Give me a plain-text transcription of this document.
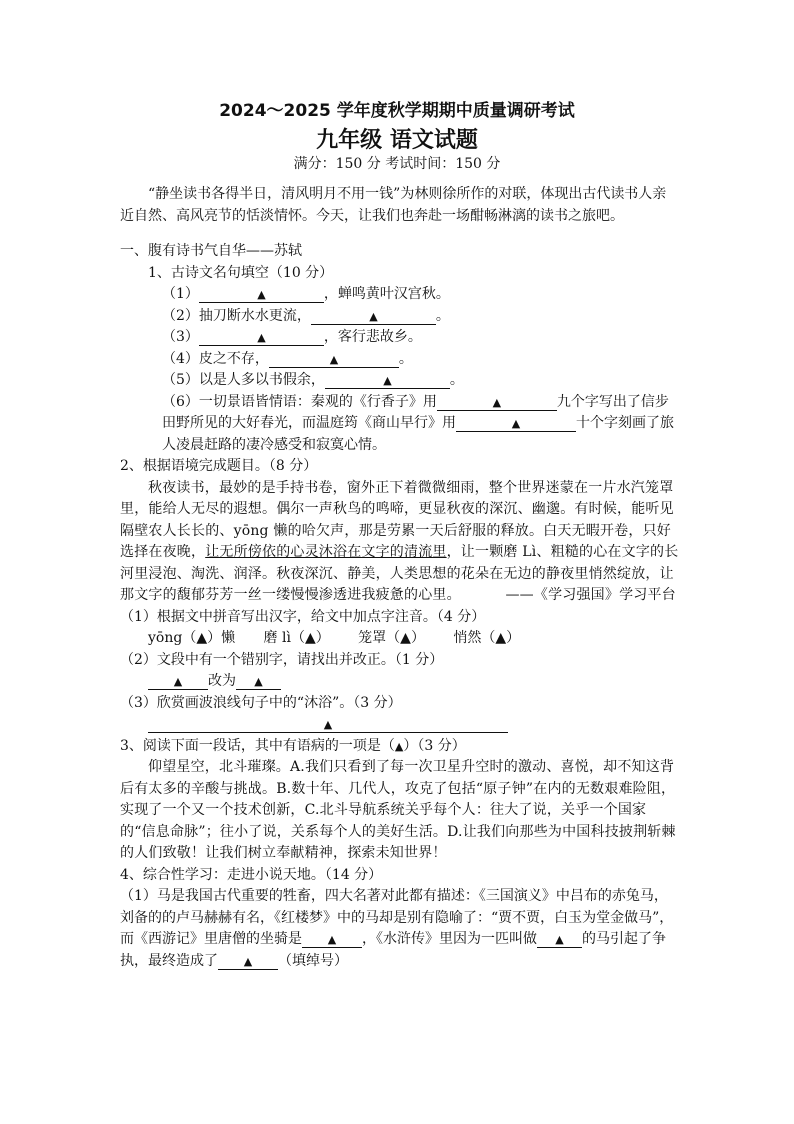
2024～2025 学年度秋学期期中质量调研考试
九年级 语文试题
满分：150 分 考试时间：150 分

“静坐读书各得半日，清风明月不用一钱”为林则徐所作的对联，体现出古代读书人亲近自然、高风亮节的恬淡情怀。今天，让我们也奔赴一场酣畅淋漓的读书之旅吧。

一、腹有诗书气自华——苏轼

1、古诗文名句填空（10 分）

（1）	▲	，蝉鸣黄叶汉宫秋。

（2）抽刀断水水更流，	▲	。

（3）	▲	，客行悲故乡。

（4）皮之不存，	▲	。

（5）以是人多以书假余，	▲	。

（6）一切景语皆情语：秦观的《行香子》用	▲	九个字写出了信步田野所见的大好春光，而温庭筠《商山早行》用	▲	十个字刻画了旅人凌晨赶路的凄冷感受和寂寞心情。

2、根据语境完成题目。（8 分）

秋夜读书，最妙的是手持书卷，窗外正下着微微细雨，整个世界迷蒙在一片水汽笼罩里，能给人无尽的遐想。偶尔一声秋鸟的鸣啼，更显秋夜的深沉、幽邈。有时候，能听见隔壁农人长长的、yōng 懒的哈欠声，那是劳累一天后舒服的释放。白天无暇开卷，只好选择在夜晚，让无所傍依的心灵沐浴在文字的清流里，让一颗磨 Lì、粗糙的心在文字的长河里浸泡、淘洗、润泽。秋夜深沉、静美，人类思想的花朵在无边的静夜里悄然绽放，让那文字的馥郁芬芳一丝一缕慢慢渗透进我疲惫的心里。	——《学习强国》学习平台

（1）根据文中拼音写出汉字，给文中加点字注音。（4 分）

yōng（▲）懒 磨 lì（▲） 笼罩（▲） 悄然（▲）

（2）文段中有一个错别字，请找出并改正。（1 分）

▲ 改为 ▲

（3）欣赏画波浪线句子中的“沐浴”。（3 分）

▲

3、阅读下面一段话，其中有语病的一项是（▲）（3 分）

仰望星空，北斗璀璨。A.我们只看到了每一次卫星升空时的激动、喜悦，却不知这背后有太多的辛酸与挑战。B.数十年、几代人，攻克了包括“原子钟”在内的无数艰难险阻，实现了一个又一个技术创新，C.北斗导航系统关乎每个人：往大了说，关乎一个国家的“信息命脉”；往小了说，关系每个人的美好生活。D.让我们向那些为中国科技披荆斩棘的人们致敬！让我们树立奉献精神，探索未知世界！

4、综合性学习：走进小说天地。（14 分）

（1）马是我国古代重要的牲畜，四大名著对此都有描述：《三国演义》中吕布的赤兔马，刘备的的卢马赫赫有名，《红楼梦》中的马却是别有隐喻了：“贾不贾，白玉为堂金做马”，而《西游记》里唐僧的坐骑是 ▲ ，《水浒传》里因为一匹叫做 ▲ 的马引起了争执，最终造成了 ▲ （填绰号）
